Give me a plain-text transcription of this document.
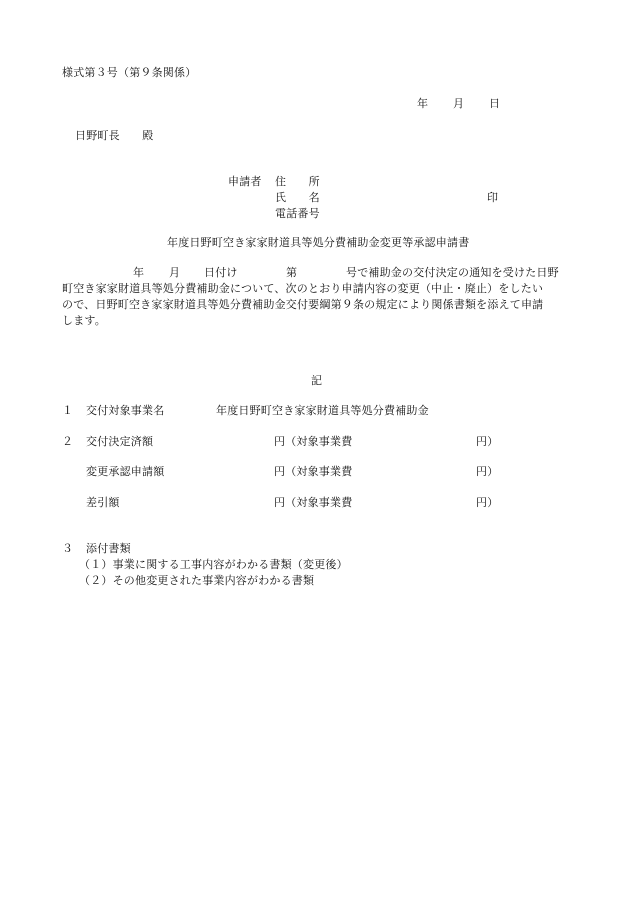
様式第３号（第９条関係）
年 月 日
日野町長　　殿
申請者 住　　所
氏　　名	印
電話番号
年度日野町空き家家財道具等処分費補助金変更等承認申請書
年 月 日付け	第	号で補助金の交付決定の通知を受けた日野
町空き家家財道具等処分費補助金について、次のとおり申請内容の変更（中止・廃止）をしたい
ので、日野町空き家家財道具等処分費補助金交付要綱第９条の規定により関係書類を添えて申請
します。
記
１ 交付対象事業名	年度日野町空き家家財道具等処分費補助金
２ 交付決定済額	円（対象事業費	円）
変更承認申請額	円（対象事業費	円）
差引額	円（対象事業費	円）
３ 添付書類
（１）事業に関する工事内容がわかる書類（変更後）
（２）その他変更された事業内容がわかる書類
